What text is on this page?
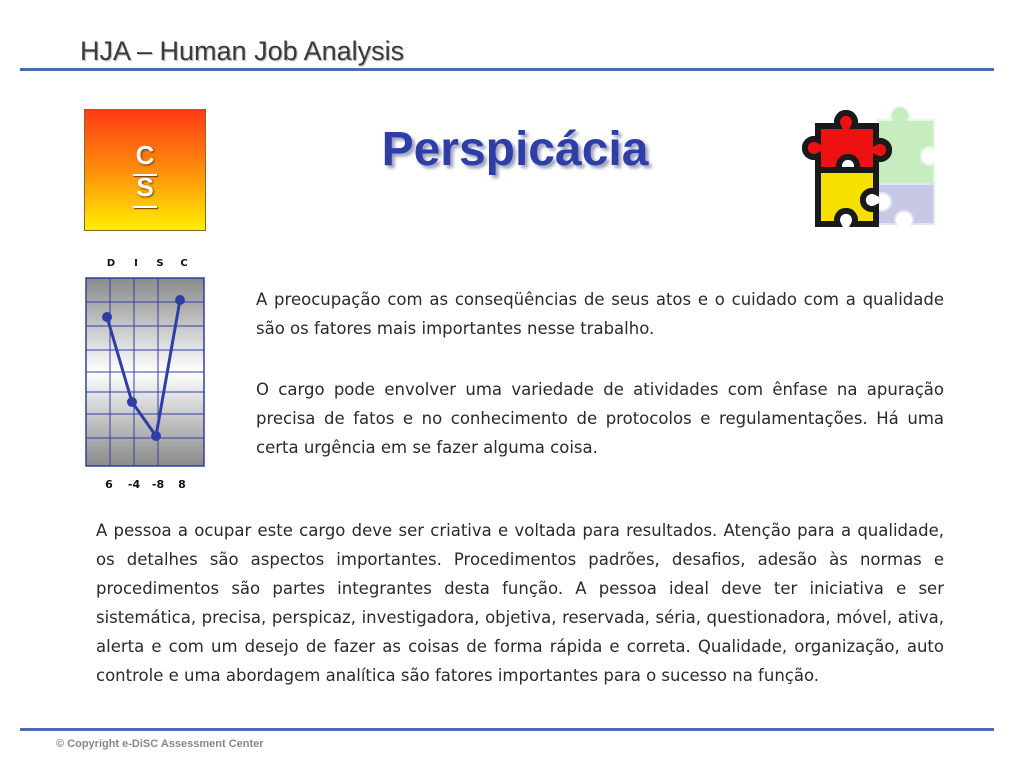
HJA – Human Job Analysis
C
S
Perspicácia
D I S C
6 -4 -8 8

A preocupação com as conseqüências de seus atos e o cuidado com a qualidade são os fatores mais importantes nesse trabalho.

O cargo pode envolver uma variedade de atividades com ênfase na apuração precisa de fatos e no conhecimento de protocolos e regulamentações. Há uma certa urgência em se fazer alguma coisa.

A pessoa a ocupar este cargo deve ser criativa e voltada para resultados. Atenção para a qualidade, os detalhes são aspectos importantes. Procedimentos padrões, desafios, adesão às normas e procedimentos são partes integrantes desta função. A pessoa ideal deve ter iniciativa e ser sistemática, precisa, perspicaz, investigadora, objetiva, reservada, séria, questionadora, móvel, ativa, alerta e com um desejo de fazer as coisas de forma rápida e correta. Qualidade, organização, auto controle e uma abordagem analítica são fatores importantes para o sucesso na função.

© Copyright e-DiSC Assessment Center
